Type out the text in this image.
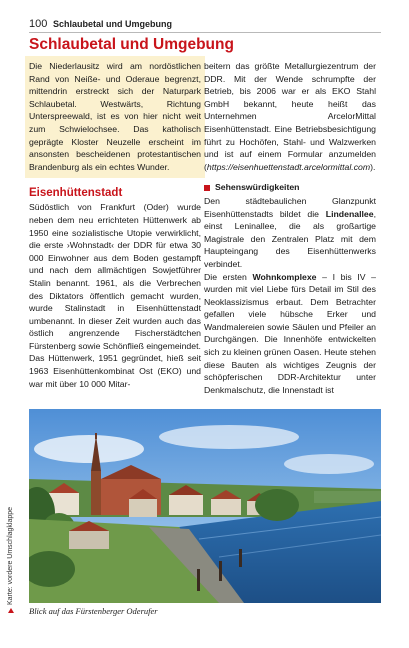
100 Schlaubetal und Umgebung
Schlaubetal und Umgebung

Die Niederlausitz wird am nordöstlichen Rand von Neiße- und Oderaue begrenzt, mittendrin erstreckt sich der Naturpark Schlaubetal. Westwärts, Richtung Unterspreewald, ist es von hier nicht weit zum Schwielochsee. Das katholisch geprägte Kloster Neuzelle erscheint im ansonsten bescheidenen protestantischen Brandenburg als ein echtes Wunder.

Eisenhüttenstadt

Südöstlich von Frankfurt (Oder) wurde neben dem neu errichteten Hüttenwerk ab 1950 eine sozialistische Utopie verwirklicht, die erste ›Wohnstadt‹ der DDR für etwa 30 000 Einwohner aus dem Boden gestampft und nach dem allmächtigen Sowjetführer Stalin benannt. 1961, als die Verbrechen des Diktators öffentlich gemacht wurden, wurde Stalinstadt in Eisenhüttenstadt umbenannt. In dieser Zeit wurden auch das östlich angrenzende Fischerstädtchen Fürstenberg sowie Schönfließ eingemeindet.

Das Hüttenwerk, 1951 gegründet, hieß seit 1963 Eisenhüttenkombinat Ost (EKO) und war mit über 10 000 Mitar-

beitern das größte Metallurgiezentrum der DDR. Mit der Wende schrumpfte der Betrieb, bis 2006 war er als EKO Stahl GmbH bekannt, heute heißt das Unternehmen ArcelorMittal Eisenhüttenstadt. Eine Betriebsbesichtigung führt zu Hochöfen, Stahl- und Walzwerken und ist auf einem Formular anzumelden (https://eisenhuettenstadt.arcelormittal.com).

Sehenswürdigkeiten

Den städtebaulichen Glanzpunkt Eisenhüttenstadts bildet die Lindenallee, einst Leninallee, die als großartige Magistrale den Zentralen Platz mit dem Haupteingang des Eisenhüttenwerks verbindet.

Die ersten Wohnkomplexe – I bis IV – wurden mit viel Liebe fürs Detail im Stil des Neoklassizismus erbaut. Dem Betrachter gefallen viele hübsche Erker und Wandmalereien sowie Säulen und Pfeiler an Durchgängen. Die Innenhöfe entwickelten sich zu kleinen grünen Oasen. Heute stehen diese Bauten als wichtiges Zeugnis der schöpferischen DDR-Architektur unter Denkmalschutz, die Innenstadt ist

Blick auf das Fürstenberger Oderufer
Karte: vordere Umschlagklappe
